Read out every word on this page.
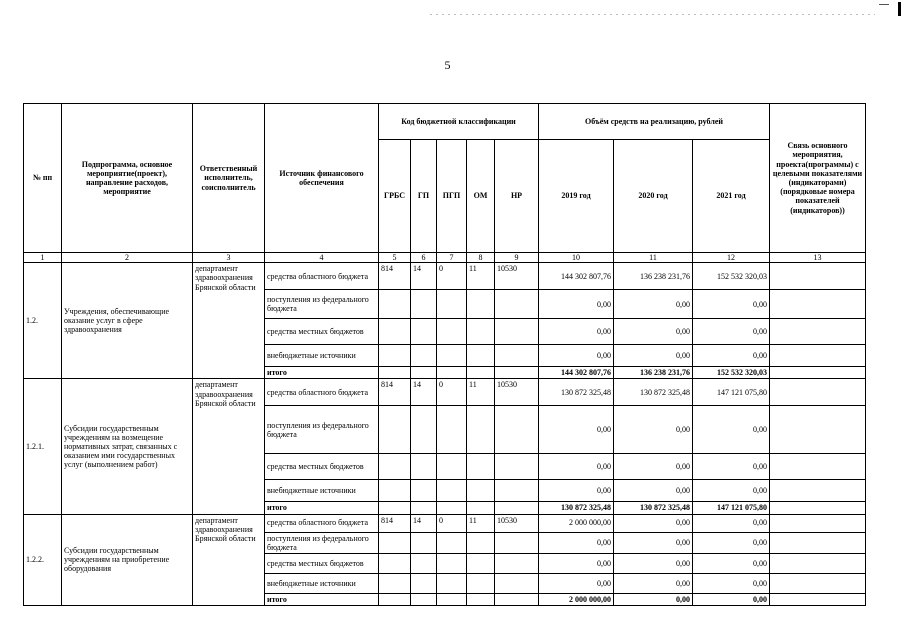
5
№ пп	Подпрограмма, основное мероприятие(проект), направление расходов, мероприятие	Ответственный исполнитель, соисполнитель	Источник финансового обеспечения	Код бюджетной классификации					Объём средств на реализацию, рублей			Связь основного мероприятия, проекта(программы) с целевыми показателями (индикаторами) (порядковые номера показателей (индикаторов))
				ГРБС	ГП	ПГП	ОМ	НР	2019 год	2020 год	2021 год	
1	2	3	4	5	6	7	8	9	10	11	12	13
1.2.	Учреждения, обеспечивающие оказание услуг в сфере здравоохранения	департамент здравоохранения Брянской области	средства областного бюджета	814	14	0	11	10530	144 302 807,76	136 238 231,76	152 532 320,03	
			поступления из федерального бюджета						0,00	0,00	0,00	
			средства местных бюджетов						0,00	0,00	0,00	
			внебюджетные источники						0,00	0,00	0,00	
			итого						144 302 807,76	136 238 231,76	152 532 320,03	
1.2.1.	Субсидии государственным учреждениям на возмещение нормативных затрат, связанных с оказанием ими государственных услуг (выполнением работ)	департамент здравоохранения Брянской области	средства областного бюджета	814	14	0	11	10530	130 872 325,48	130 872 325,48	147 121 075,80	
			поступления из федерального бюджета						0,00	0,00	0,00	
			средства местных бюджетов						0,00	0,00	0,00	
			внебюджетные источники						0,00	0,00	0,00	
			итого						130 872 325,48	130 872 325,48	147 121 075,80	
1.2.2.	Субсидии государственным учреждениям на приобретение оборудования	департамент здравоохранения Брянской области	средства областного бюджета	814	14	0	11	10530	2 000 000,00	0,00	0,00	
			поступления из федерального бюджета						0,00	0,00	0,00	
			средства местных бюджетов						0,00	0,00	0,00	
			внебюджетные источники						0,00	0,00	0,00	
			итого						2 000 000,00	0,00	0,00	
